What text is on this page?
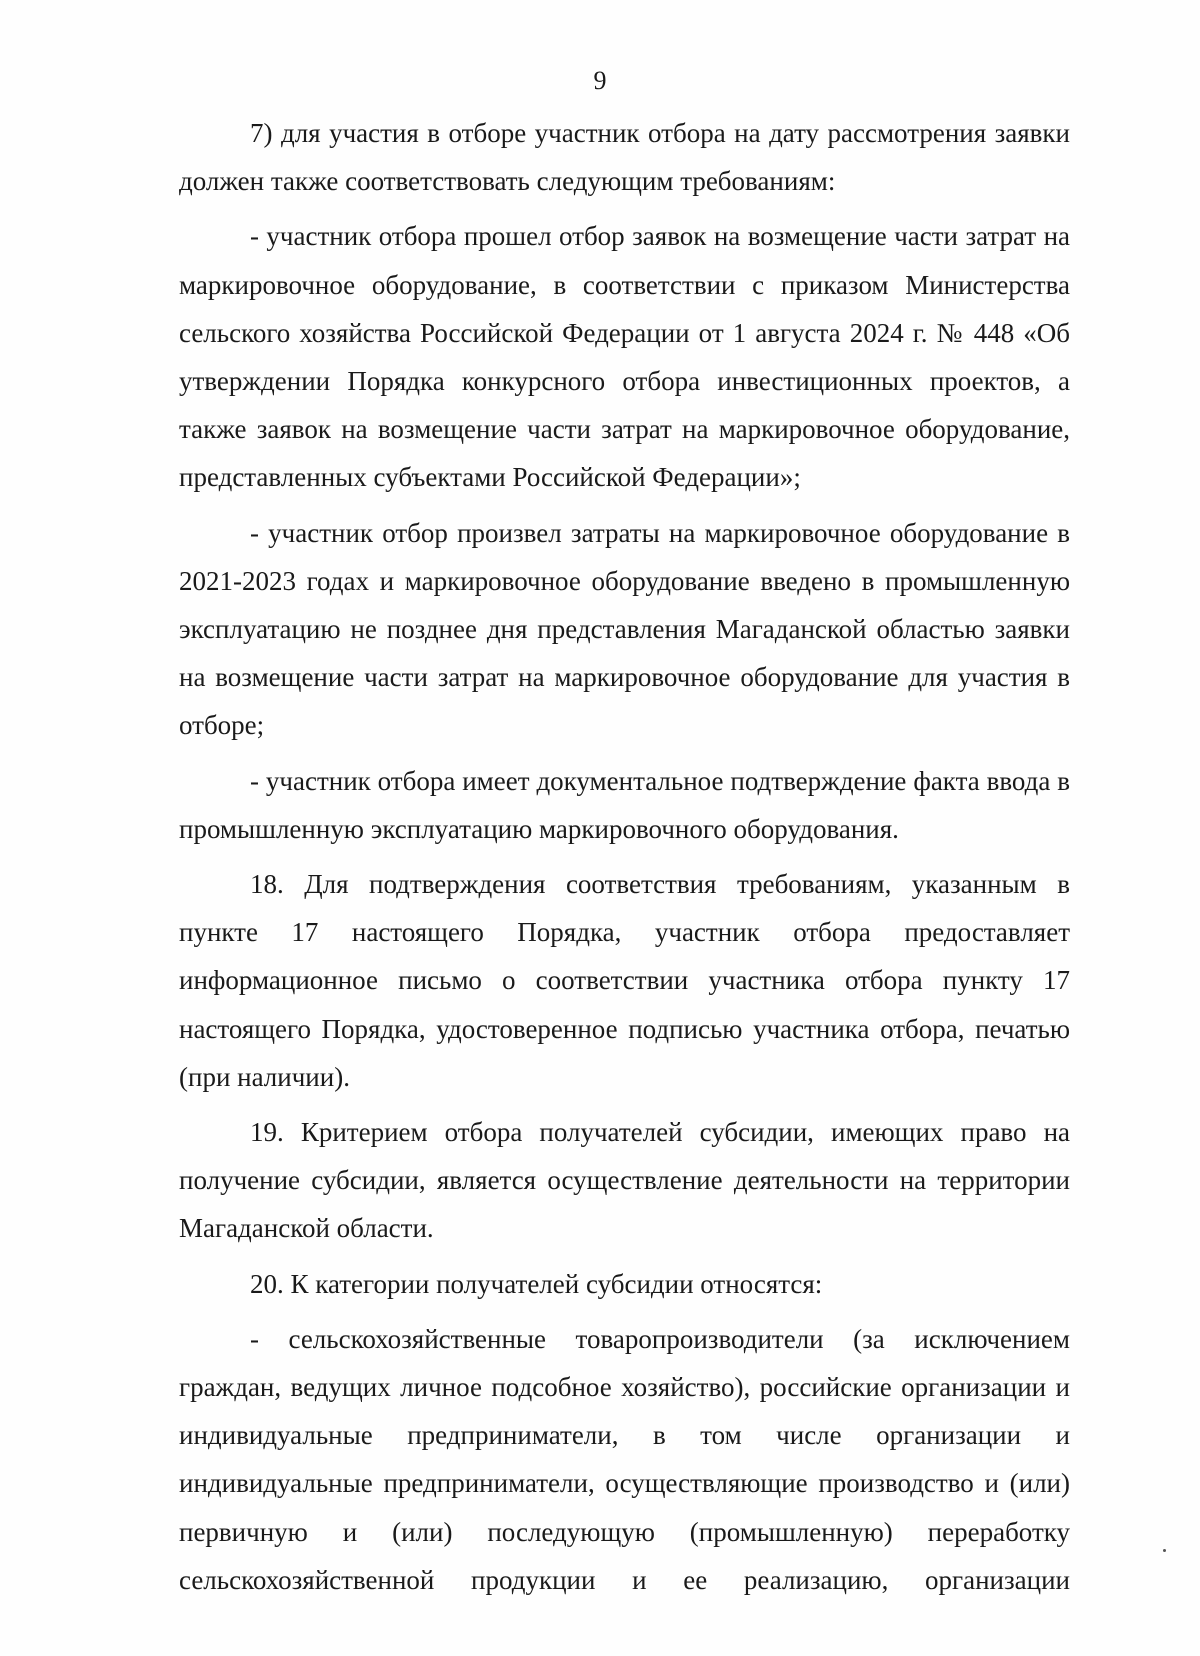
9

7) для участия в отборе участник отбора на дату рассмотрения заявки должен также соответствовать следующим требованиям:

- участник отбора прошел отбор заявок на возмещение части затрат на маркировочное оборудование, в соответствии с приказом Министерства сельского хозяйства Российской Федерации от 1 августа 2024 г. № 448 «Об утверждении Порядка конкурсного отбора инвестиционных проектов, а также заявок на возмещение части затрат на маркировочное оборудование, представленных субъектами Российской Федерации»;

- участник отбор произвел затраты на маркировочное оборудование в 2021-2023 годах и маркировочное оборудование введено в промышленную эксплуатацию не позднее дня представления Магаданской областью заявки на возмещение части затрат на маркировочное оборудование для участия в отборе;

- участник отбора имеет документальное подтверждение факта ввода в промышленную эксплуатацию маркировочного оборудования.

18. Для подтверждения соответствия требованиям, указанным в пункте 17 настоящего Порядка, участник отбора предоставляет информационное письмо о соответствии участника отбора пункту 17 настоящего Порядка, удостоверенное подписью участника отбора, печатью (при наличии).

19. Критерием отбора получателей субсидии, имеющих право на получение субсидии, является осуществление деятельности на территории Магаданской области.

20. К категории получателей субсидии относятся:

- сельскохозяйственные товаропроизводители (за исключением граждан, ведущих личное подсобное хозяйство), российские организации и индивидуальные предприниматели, в том числе организации и индивидуальные предприниматели, осуществляющие производство и (или) первичную и (или) последующую (промышленную) переработку сельскохозяйственной продукции и ее реализацию, организации
